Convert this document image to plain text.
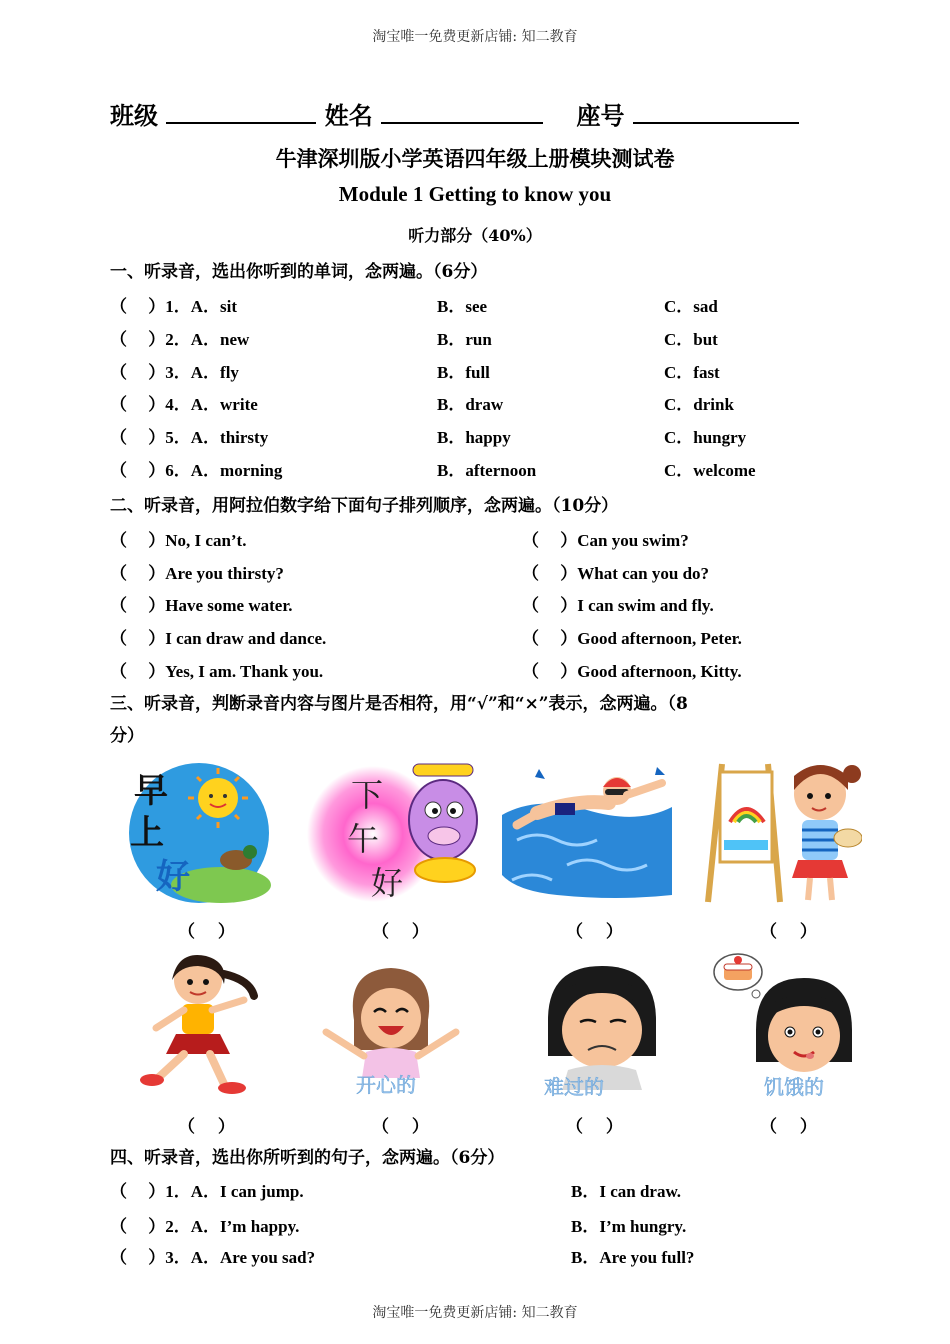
淘宝唯一免费更新店铺: 知二教育
班级	姓名	座号
牛津深圳版小学英语四年级上册模块测试卷
Module 1 Getting to know you
听力部分（40%）
一、听录音，选出你听到的单词，念两遍。（6分）
（　 ）1．A．sit	B．see	C．sad
（　 ）2．A．new	B．run	C．but
（　 ）3．A．fly	B．full	C．fast
（　 ）4．A．write	B．draw	C．drink
（　 ）5．A．thirsty	B．happy	C．hungry
（　 ）6．A．morning	B．afternoon	C．welcome
二、听录音，用阿拉伯数字给下面句子排列顺序，念两遍。（10分）
（　 ）No, I can’t.	（　 ）Can you swim?
（　 ）Are you thirsty?	（　 ）What can you do?
（　 ）Have some water.	（　 ）I can swim and fly.
（　 ）I can draw and dance.	（　 ）Good afternoon, Peter.
（　 ）Yes, I am. Thank you.	（　 ）Good afternoon, Kitty.
三、听录音，判断录音内容与图片是否相符，用“√”和“×”表示，念两遍。（8
分）
早
上
好
下
午
好
（　 ）	（　 ）	（　 ）	（　 ）
开心的	难过的	饥饿的
（　 ）	（　 ）	（　 ）	（　 ）
四、听录音，选出你所听到的句子，念两遍。（6分）
（　 ）1．A．I can jump.	B．I can draw.
（　 ）2．A．I’m happy.	B．I’m hungry.
（　 ）3．A．Are you sad?	B．Are you full?
淘宝唯一免费更新店铺: 知二教育
